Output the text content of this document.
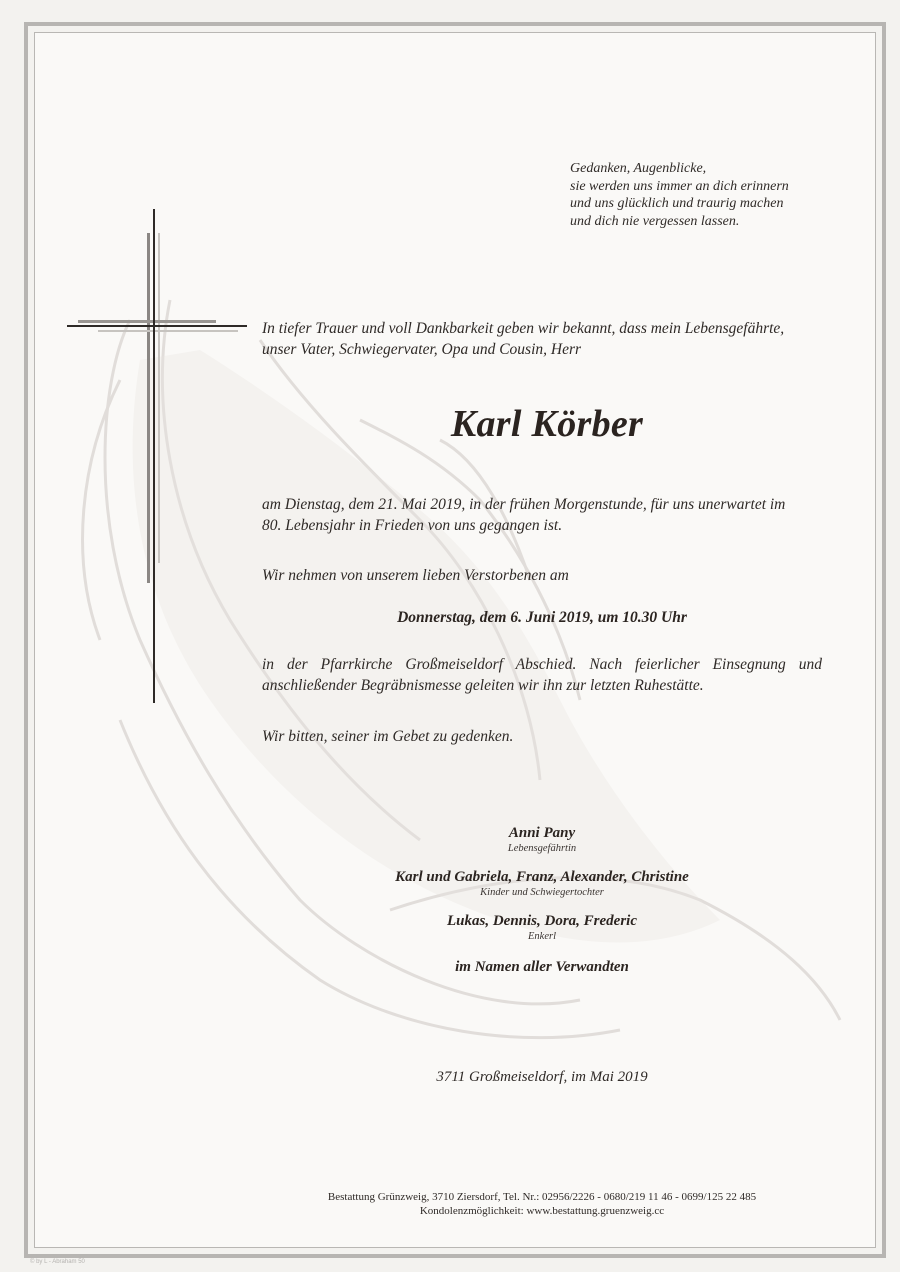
Gedanken, Augenblicke,
sie werden uns immer an dich erinnern
und uns glücklich und traurig machen
und dich nie vergessen lassen.
In tiefer Trauer und voll Dankbarkeit geben wir bekannt, dass mein Lebensgefährte,
unser Vater, Schwiegervater, Opa und Cousin, Herr
Karl Körber
am Dienstag, dem 21. Mai 2019, in der frühen Morgenstunde, für uns unerwartet im
80. Lebensjahr in Frieden von uns gegangen ist.
Wir nehmen von unserem lieben Verstorbenen am
Donnerstag, dem 6. Juni 2019, um 10.30 Uhr
in der Pfarrkirche Großmeiseldorf Abschied. Nach feierlicher Einsegnung und
anschließender Begräbnismesse geleiten wir ihn zur letzten Ruhestätte.
Wir bitten, seiner im Gebet zu gedenken.
Anni Pany
Lebensgefährtin
Karl und Gabriela, Franz, Alexander, Christine
Kinder und Schwiegertochter
Lukas, Dennis, Dora, Frederic
Enkerl
im Namen aller Verwandten
3711 Großmeiseldorf, im Mai 2019
Bestattung Grünzweig, 3710 Ziersdorf, Tel. Nr.: 02956/2226 - 0680/219 11 46 - 0699/125 22 485
Kondolenzmöglichkeit: www.bestattung.gruenzweig.cc
© by L - Abraham 50
